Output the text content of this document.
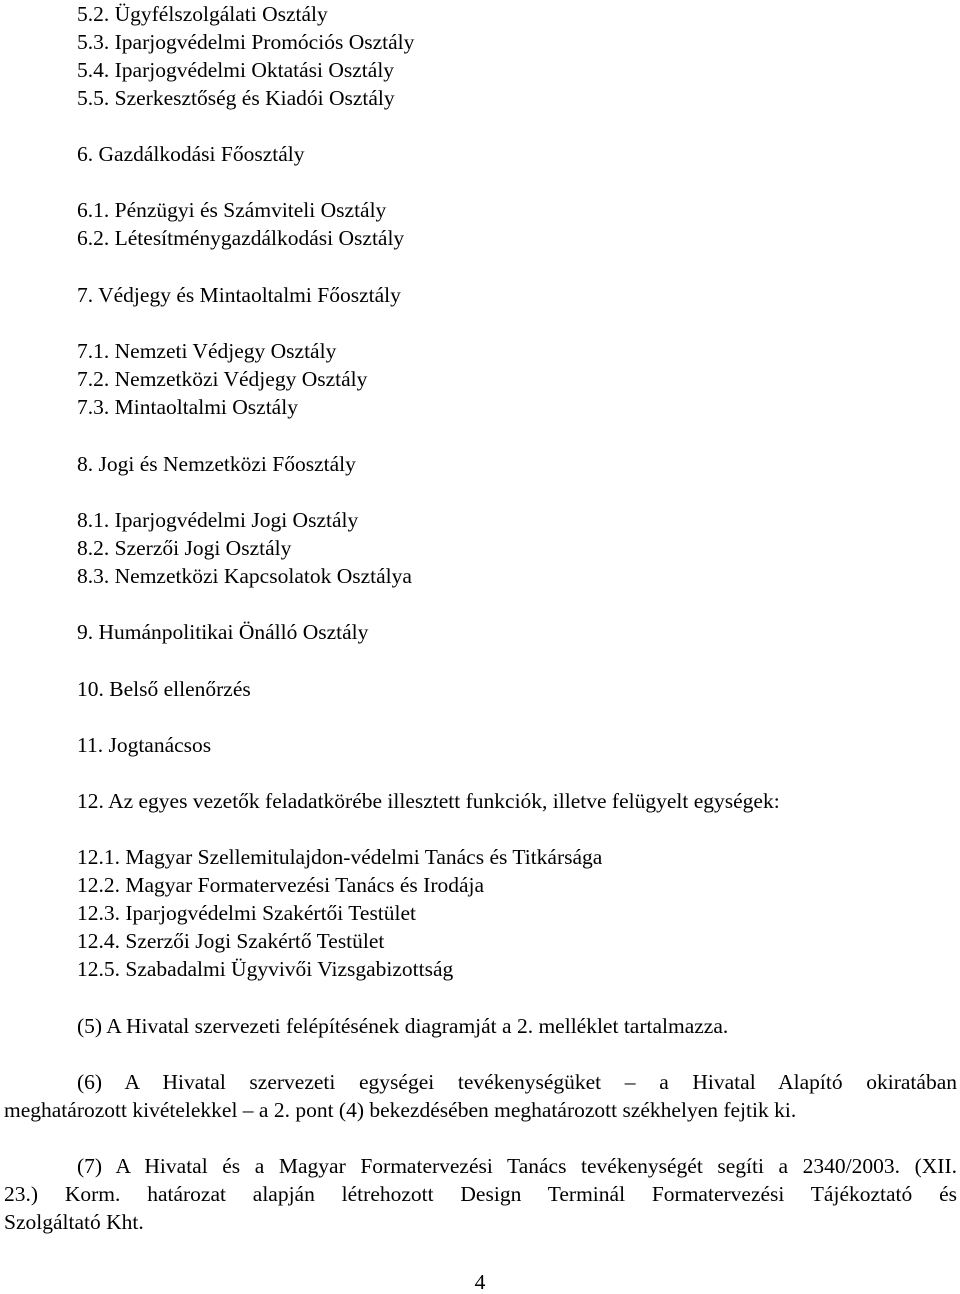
5.2. Ügyfélszolgálati Osztály
5.3. Iparjogvédelmi Promóciós Osztály
5.4. Iparjogvédelmi Oktatási Osztály
5.5. Szerkesztőség és Kiadói Osztály
6. Gazdálkodási Főosztály
6.1. Pénzügyi és Számviteli Osztály
6.2. Létesítménygazdálkodási Osztály
7. Védjegy és Mintaoltalmi Főosztály
7.1. Nemzeti Védjegy Osztály
7.2. Nemzetközi Védjegy Osztály
7.3. Mintaoltalmi Osztály
8. Jogi és Nemzetközi Főosztály
8.1. Iparjogvédelmi Jogi Osztály
8.2. Szerzői Jogi Osztály
8.3. Nemzetközi Kapcsolatok Osztálya
9. Humánpolitikai Önálló Osztály
10. Belső ellenőrzés
11. Jogtanácsos
12. Az egyes vezetők feladatkörébe illesztett funkciók, illetve felügyelt egységek:
12.1. Magyar Szellemitulajdon-védelmi Tanács és Titkársága
12.2. Magyar Formatervezési Tanács és Irodája
12.3. Iparjogvédelmi Szakértői Testület
12.4. Szerzői Jogi Szakértő Testület
12.5. Szabadalmi Ügyvivői Vizsgabizottság
(5) A Hivatal szervezeti felépítésének diagramját a 2. melléklet tartalmazza.
(6) A Hivatal szervezeti egységei tevékenységüket – a Hivatal Alapító okiratában
meghatározott kivételekkel – a 2. pont (4) bekezdésében meghatározott székhelyen fejtik ki.
(7) A Hivatal és a Magyar Formatervezési Tanács tevékenységét segíti a 2340/2003. (XII.
23.) Korm. határozat alapján létrehozott Design Terminál Formatervezési Tájékoztató és
Szolgáltató Kht.
4
